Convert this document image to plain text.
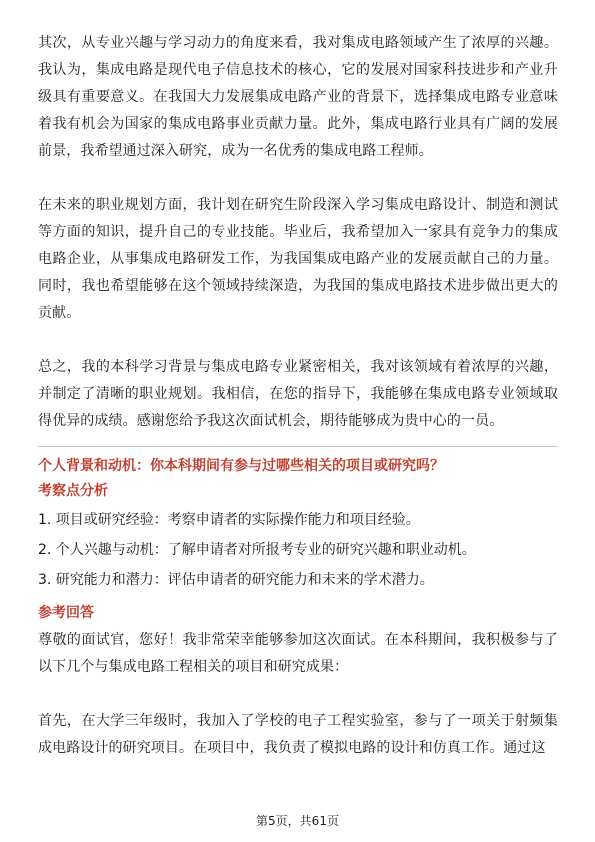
其次，从专业兴趣与学习动力的角度来看，我对集成电路领域产生了浓厚的兴趣。我认为，集成电路是现代电子信息技术的核心，它的发展对国家科技进步和产业升级具有重要意义。在我国大力发展集成电路产业的背景下，选择集成电路专业意味着我有机会为国家的集成电路事业贡献力量。此外，集成电路行业具有广阔的发展前景，我希望通过深入研究，成为一名优秀的集成电路工程师。

在未来的职业规划方面，我计划在研究生阶段深入学习集成电路设计、制造和测试等方面的知识，提升自己的专业技能。毕业后，我希望加入一家具有竞争力的集成电路企业，从事集成电路研发工作，为我国集成电路产业的发展贡献自己的力量。同时，我也希望能够在这个领域持续深造，为我国的集成电路技术进步做出更大的贡献。

总之，我的本科学习背景与集成电路专业紧密相关，我对该领域有着浓厚的兴趣，并制定了清晰的职业规划。我相信，在您的指导下，我能够在集成电路专业领域取得优异的成绩。感谢您给予我这次面试机会，期待能够成为贵中心的一员。

个人背景和动机：你本科期间有参与过哪些相关的项目或研究吗？

考察点分析

1. 项目或研究经验：考察申请者的实际操作能力和项目经验。

2. 个人兴趣与动机：了解申请者对所报考专业的研究兴趣和职业动机。

3. 研究能力和潜力：评估申请者的研究能力和未来的学术潜力。

参考回答

尊敬的面试官，您好！我非常荣幸能够参加这次面试。在本科期间，我积极参与了以下几个与集成电路工程相关的项目和研究成果：

首先，在大学三年级时，我加入了学校的电子工程实验室，参与了一项关于射频集成电路设计的研究项目。在项目中，我负责了模拟电路的设计和仿真工作。通过这

第5页，共61页
